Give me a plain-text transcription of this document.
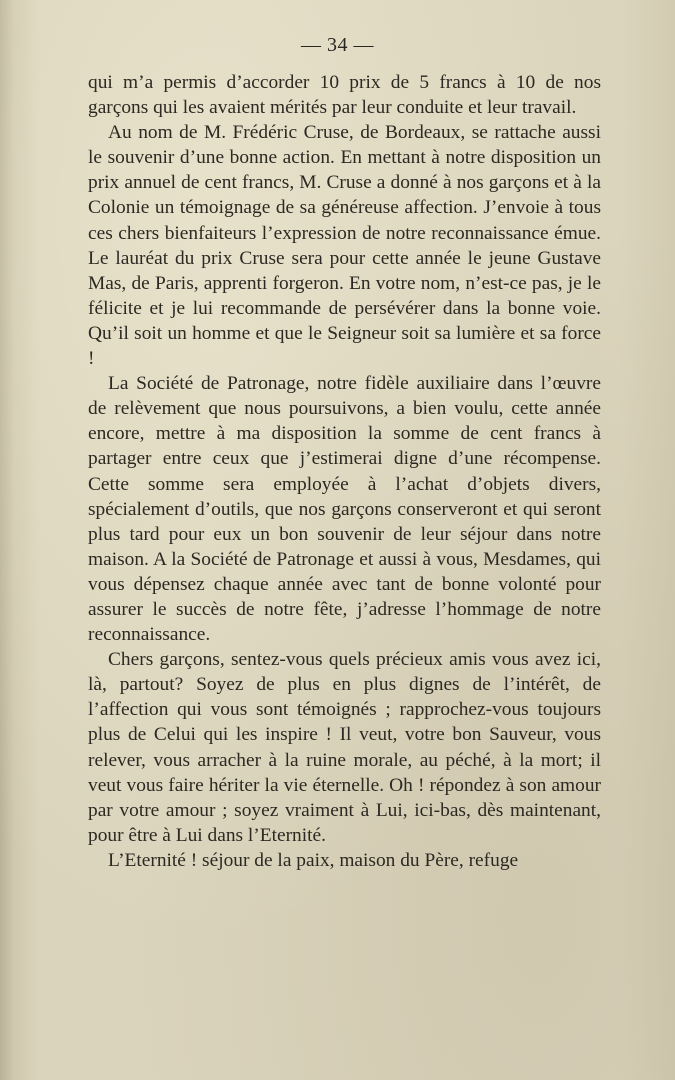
— 34 —

qui m’a permis d’accorder 10 prix de 5 francs à 10 de nos garçons qui les avaient mérités par leur conduite et leur travail.

Au nom de M. Frédéric Cruse, de Bordeaux, se rattache aussi le souvenir d’une bonne action. En mettant à notre disposition un prix annuel de cent francs, M. Cruse a donné à nos garçons et à la Colonie un témoignage de sa généreuse affection. J’envoie à tous ces chers bienfaiteurs l’expression de notre reconnaissance émue. Le lauréat du prix Cruse sera pour cette année le jeune Gustave Mas, de Paris, apprenti forgeron. En votre nom, n’est-ce pas, je le félicite et je lui recommande de persévérer dans la bonne voie. Qu’il soit un homme et que le Seigneur soit sa lumière et sa force !

La Société de Patronage, notre fidèle auxiliaire dans l’œuvre de relèvement que nous poursuivons, a bien voulu, cette année encore, mettre à ma disposition la somme de cent francs à partager entre ceux que j’estimerai digne d’une récompense. Cette somme sera employée à l’achat d’objets divers, spécialement d’outils, que nos garçons conserveront et qui seront plus tard pour eux un bon souvenir de leur séjour dans notre maison. A la Société de Patronage et aussi à vous, Mesdames, qui vous dépensez chaque année avec tant de bonne volonté pour assurer le succès de notre fête, j’adresse l’hommage de notre reconnaissance.

Chers garçons, sentez-vous quels précieux amis vous avez ici, là, partout? Soyez de plus en plus dignes de l’intérêt, de l’affection qui vous sont témoignés ; rapprochez-vous toujours plus de Celui qui les inspire ! Il veut, votre bon Sauveur, vous relever, vous arracher à la ruine morale, au péché, à la mort; il veut vous faire hériter la vie éternelle. Oh ! répondez à son amour par votre amour ; soyez vraiment à Lui, ici-bas, dès maintenant, pour être à Lui dans l’Eternité.

L’Eternité ! séjour de la paix, maison du Père, refuge
